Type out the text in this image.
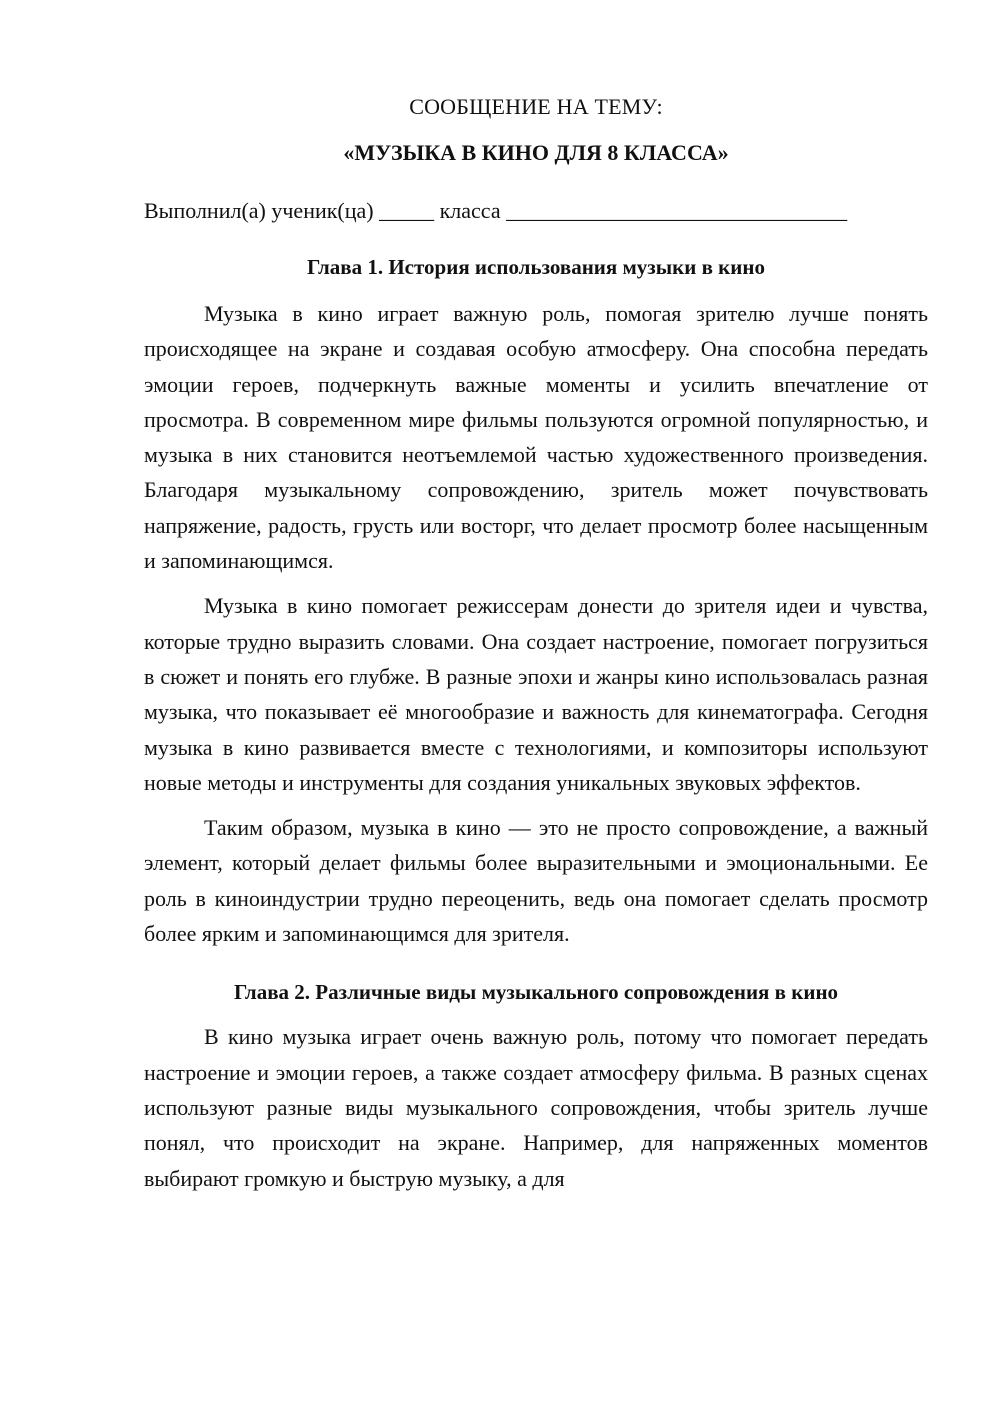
СООБЩЕНИЕ НА ТЕМУ:
«МУЗЫКА В КИНО ДЛЯ 8 КЛАССА»

Выполнил(а) ученик(ца) _____ класса _______________________________

Глава 1. История использования музыки в кино

Музыка в кино играет важную роль, помогая зрителю лучше понять происходящее на экране и создавая особую атмосферу. Она способна передать эмоции героев, подчеркнуть важные моменты и усилить впечатление от просмотра. В современном мире фильмы пользуются огромной популярностью, и музыка в них становится неотъемлемой частью художественного произведения. Благодаря музыкальному сопровождению, зритель может почувствовать напряжение, радость, грусть или восторг, что делает просмотр более насыщенным и запоминающимся.

Музыка в кино помогает режиссерам донести до зрителя идеи и чувства, которые трудно выразить словами. Она создает настроение, помогает погрузиться в сюжет и понять его глубже. В разные эпохи и жанры кино использовалась разная музыка, что показывает её многообразие и важность для кинематографа. Сегодня музыка в кино развивается вместе с технологиями, и композиторы используют новые методы и инструменты для создания уникальных звуковых эффектов.

Таким образом, музыка в кино — это не просто сопровождение, а важный элемент, который делает фильмы более выразительными и эмоциональными. Ее роль в киноиндустрии трудно переоценить, ведь она помогает сделать просмотр более ярким и запоминающимся для зрителя.

Глава 2. Различные виды музыкального сопровождения в кино

В кино музыка играет очень важную роль, потому что помогает передать настроение и эмоции героев, а также создает атмосферу фильма. В разных сценах используют разные виды музыкального сопровождения, чтобы зритель лучше понял, что происходит на экране. Например, для напряженных моментов выбирают громкую и быструю музыку, а для
